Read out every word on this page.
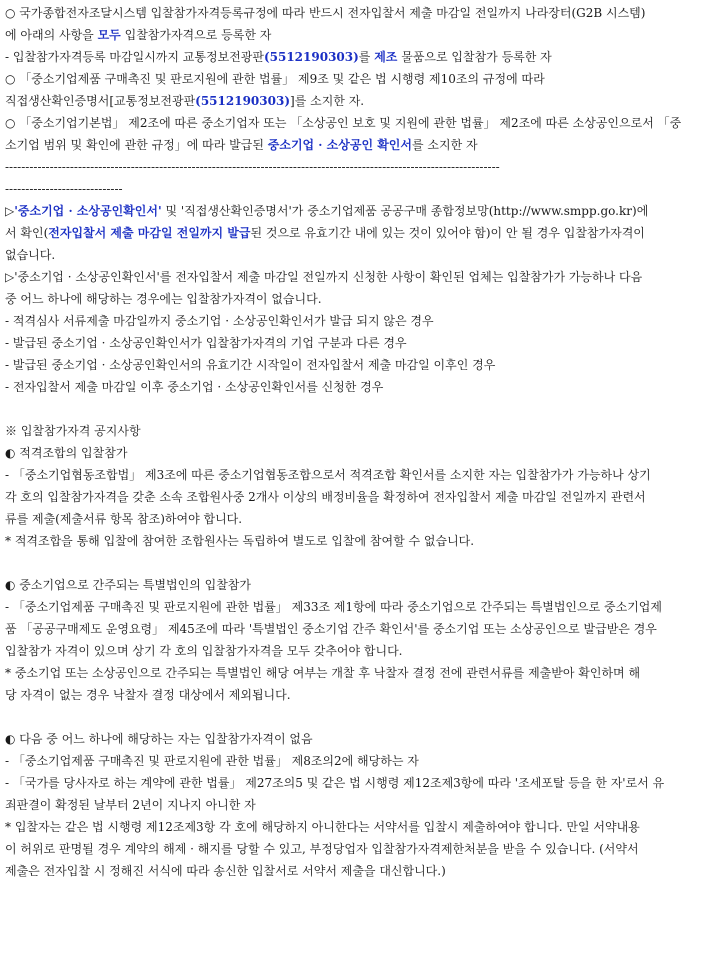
○ 국가종합전자조달시스템 입찰참가자격등록규정에 따라 반드시 전자입찰서 제출 마감일 전일까지 나라장터(G2B 시스템)
에 아래의 사항을 모두 입찰참가자격으로 등록한 자
- 입찰참가자격등록 마감일시까지 교통정보전광판(5512190303)를 제조 물품으로 입찰참가 등록한 자
○ 「중소기업제품 구매촉진 및 판로지원에 관한 법률」 제9조 및 같은 법 시행령 제10조의 규정에 따라
직접생산확인증명서[교통정보전광판(5512190303)]를 소지한 자.
○ 「중소기업기본법」 제2조에 따른 중소기업자 또는 「소상공인 보호 및 지원에 관한 법률」 제2조에 따른 소상공인으로서 「중
소기업 범위 및 확인에 관한 규정」에 따라 발급된 중소기업 · 소상공인 확인서를 소지한 자
--------------------------------------------------------------------------------------------------------------------------
-----------------------------
▷'중소기업 · 소상공인확인서' 및 '직접생산확인증명서'가 중소기업제품 공공구매 종합정보망(http://www.smpp.go.kr)에
서 확인(전자입찰서 제출 마감일 전일까지 발급된 것으로 유효기간 내에 있는 것이 있어야 함)이 안 될 경우 입찰참가자격이
없습니다.
▷'중소기업 · 소상공인확인서'를 전자입찰서 제출 마감일 전일까지 신청한 사항이 확인된 업체는 입찰참가가 가능하나 다음
중 어느 하나에 해당하는 경우에는 입찰참가자격이 없습니다.
- 적격심사 서류제출 마감일까지 중소기업 · 소상공인확인서가 발급 되지 않은 경우
- 발급된 중소기업 · 소상공인확인서가 입찰참가자격의 기업 구분과 다른 경우
- 발급된 중소기업 · 소상공인확인서의 유효기간 시작일이 전자입찰서 제출 마감일 이후인 경우
- 전자입찰서 제출 마감일 이후 중소기업 · 소상공인확인서를 신청한 경우
※ 입찰참가자격 공지사항
◐ 적격조합의 입찰참가
- 「중소기업협동조합법」 제3조에 따른 중소기업협동조합으로서 적격조합 확인서를 소지한 자는 입찰참가가 가능하나 상기
각 호의 입찰참가자격을 갖춘 소속 조합원사중 2개사 이상의 배정비율을 확정하여 전자입찰서 제출 마감일 전일까지 관련서
류를 제출(제출서류 항목 참조)하여야 합니다.
* 적격조합을 통해 입찰에 참여한 조합원사는 독립하여 별도로 입찰에 참여할 수 없습니다.
◐ 중소기업으로 간주되는 특별법인의 입찰참가
- 「중소기업제품 구매촉진 및 판로지원에 관한 법률」 제33조 제1항에 따라 중소기업으로 간주되는 특별법인으로 중소기업제
품 「공공구매제도 운영요령」 제45조에 따라 '특별법인 중소기업 간주 확인서'를 중소기업 또는 소상공인으로 발급받은 경우
입찰참가 자격이 있으며 상기 각 호의 입찰참가자격을 모두 갖추어야 합니다.
* 중소기업 또는 소상공인으로 간주되는 특별법인 해당 여부는 개찰 후 낙찰자 결정 전에 관련서류를 제출받아 확인하며 해
당 자격이 없는 경우 낙찰자 결정 대상에서 제외됩니다.
◐ 다음 중 어느 하나에 해당하는 자는 입찰참가자격이 없음
- 「중소기업제품 구매촉진 및 판로지원에 관한 법률」 제8조의2에 해당하는 자
- 「국가를 당사자로 하는 계약에 관한 법률」 제27조의5 및 같은 법 시행령 제12조제3항에 따라 '조세포탈 등을 한 자'로서 유
죄판결이 확정된 날부터 2년이 지나지 아니한 자
* 입찰자는 같은 법 시행령 제12조제3항 각 호에 해당하지 아니한다는 서약서를 입찰시 제출하여야 합니다. 만일 서약내용
이 허위로 판명될 경우 계약의 해제 · 해지를 당할 수 있고, 부정당업자 입찰참가자격제한처분을 받을 수 있습니다. (서약서
제출은 전자입찰 시 정해진 서식에 따라 송신한 입찰서로 서약서 제출을 대신합니다.)
